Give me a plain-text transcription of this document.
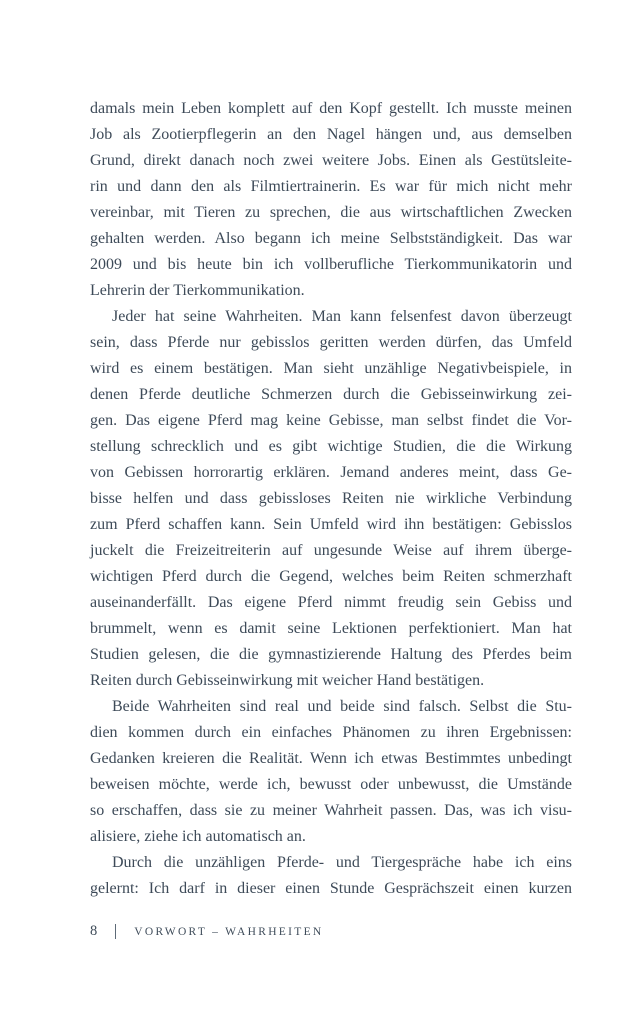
damals mein Leben komplett auf den Kopf gestellt. Ich musste meinen
Job als Zootierpflegerin an den Nagel hängen und, aus demselben
Grund, direkt danach noch zwei weitere Jobs. Einen als Gestütsleite-
rin und dann den als Filmtiertrainerin. Es war für mich nicht mehr
vereinbar, mit Tieren zu sprechen, die aus wirtschaftlichen Zwecken
gehalten werden. Also begann ich meine Selbstständigkeit. Das war
2009 und bis heute bin ich vollberufliche Tierkommunikatorin und
Lehrerin der Tierkommunikation.
Jeder hat seine Wahrheiten. Man kann felsenfest davon überzeugt
sein, dass Pferde nur gebisslos geritten werden dürfen, das Umfeld
wird es einem bestätigen. Man sieht unzählige Negativbeispiele, in
denen Pferde deutliche Schmerzen durch die Gebisseinwirkung zei-
gen. Das eigene Pferd mag keine Gebisse, man selbst findet die Vor-
stellung schrecklich und es gibt wichtige Studien, die die Wirkung
von Gebissen horrorartig erklären. Jemand anderes meint, dass Ge-
bisse helfen und dass gebissloses Reiten nie wirkliche Verbindung
zum Pferd schaffen kann. Sein Umfeld wird ihn bestätigen: Gebisslos
juckelt die Freizeitreiterin auf ungesunde Weise auf ihrem überge-
wichtigen Pferd durch die Gegend, welches beim Reiten schmerzhaft
auseinanderfällt. Das eigene Pferd nimmt freudig sein Gebiss und
brummelt, wenn es damit seine Lektionen perfektioniert. Man hat
Studien gelesen, die die gymnastizierende Haltung des Pferdes beim
Reiten durch Gebisseinwirkung mit weicher Hand bestätigen.
Beide Wahrheiten sind real und beide sind falsch. Selbst die Stu-
dien kommen durch ein einfaches Phänomen zu ihren Ergebnissen:
Gedanken kreieren die Realität. Wenn ich etwas Bestimmtes unbedingt
beweisen möchte, werde ich, bewusst oder unbewusst, die Umstände
so erschaffen, dass sie zu meiner Wahrheit passen. Das, was ich visu-
alisiere, ziehe ich automatisch an.
Durch die unzähligen Pferde- und Tiergespräche habe ich eins
gelernt: Ich darf in dieser einen Stunde Gesprächszeit einen kurzen
8	VORWORT – WAHRHEITEN
